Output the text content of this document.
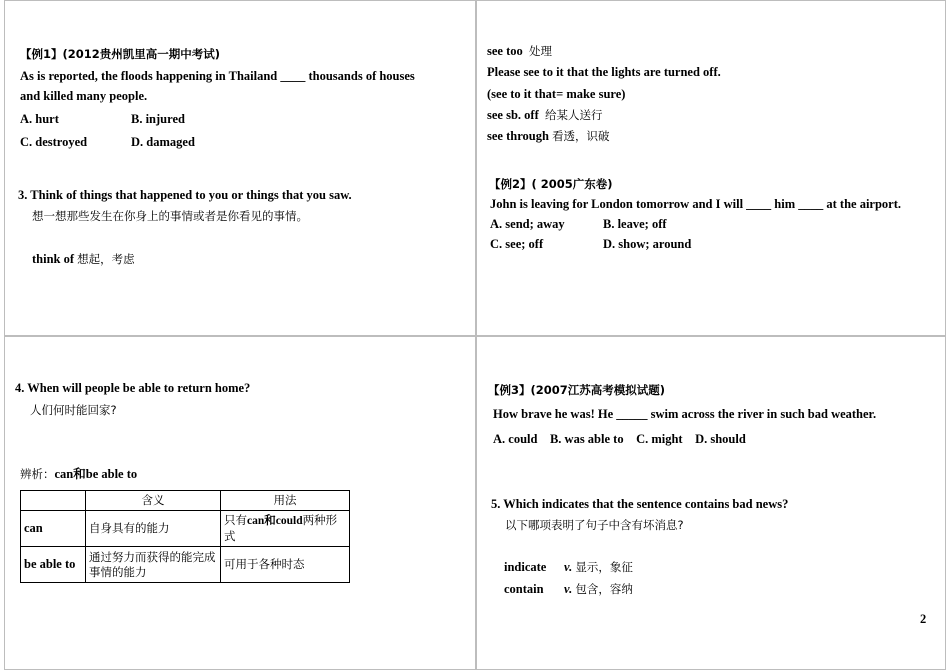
【例1】(2012贵州凯里高一期中考试)
As is reported, the floods happening in Thailand ____ thousands of houses
and killed many people.
A. hurt	B. injured
C. destroyed	D. damaged
3. Think of things that happened to you or things that you saw.
想一想那些发生在你身上的事情或者是你看见的事情。
think of 想起，考虑
see too 处理
Please see to it that the lights are turned off.
(see to it that= make sure)
see sb. off 给某人送行
see through 看透，识破
【例2】( 2005广东卷)
John is leaving for London tomorrow and I will ____ him ____ at the airport.
A. send; away	B. leave; off
C. see; off	D. show; around
4. When will people be able to return home?
人们何时能回家?
辨析：can和be able to
	含义	用法
can	自身具有的能力	只有can和could两种形式
be able to	通过努力而获得的能完成事情的能力	可用于各种时态
【例3】(2007江苏高考模拟试题)
How brave he was! He _____ swim across the river in such bad weather.
A. could    B. was able to    C. might    D. should
5. Which indicates that the sentence contains bad news?
以下哪项表明了句子中含有坏消息?
indicate v. 显示，象征
contain v. 包含，容纳
2
